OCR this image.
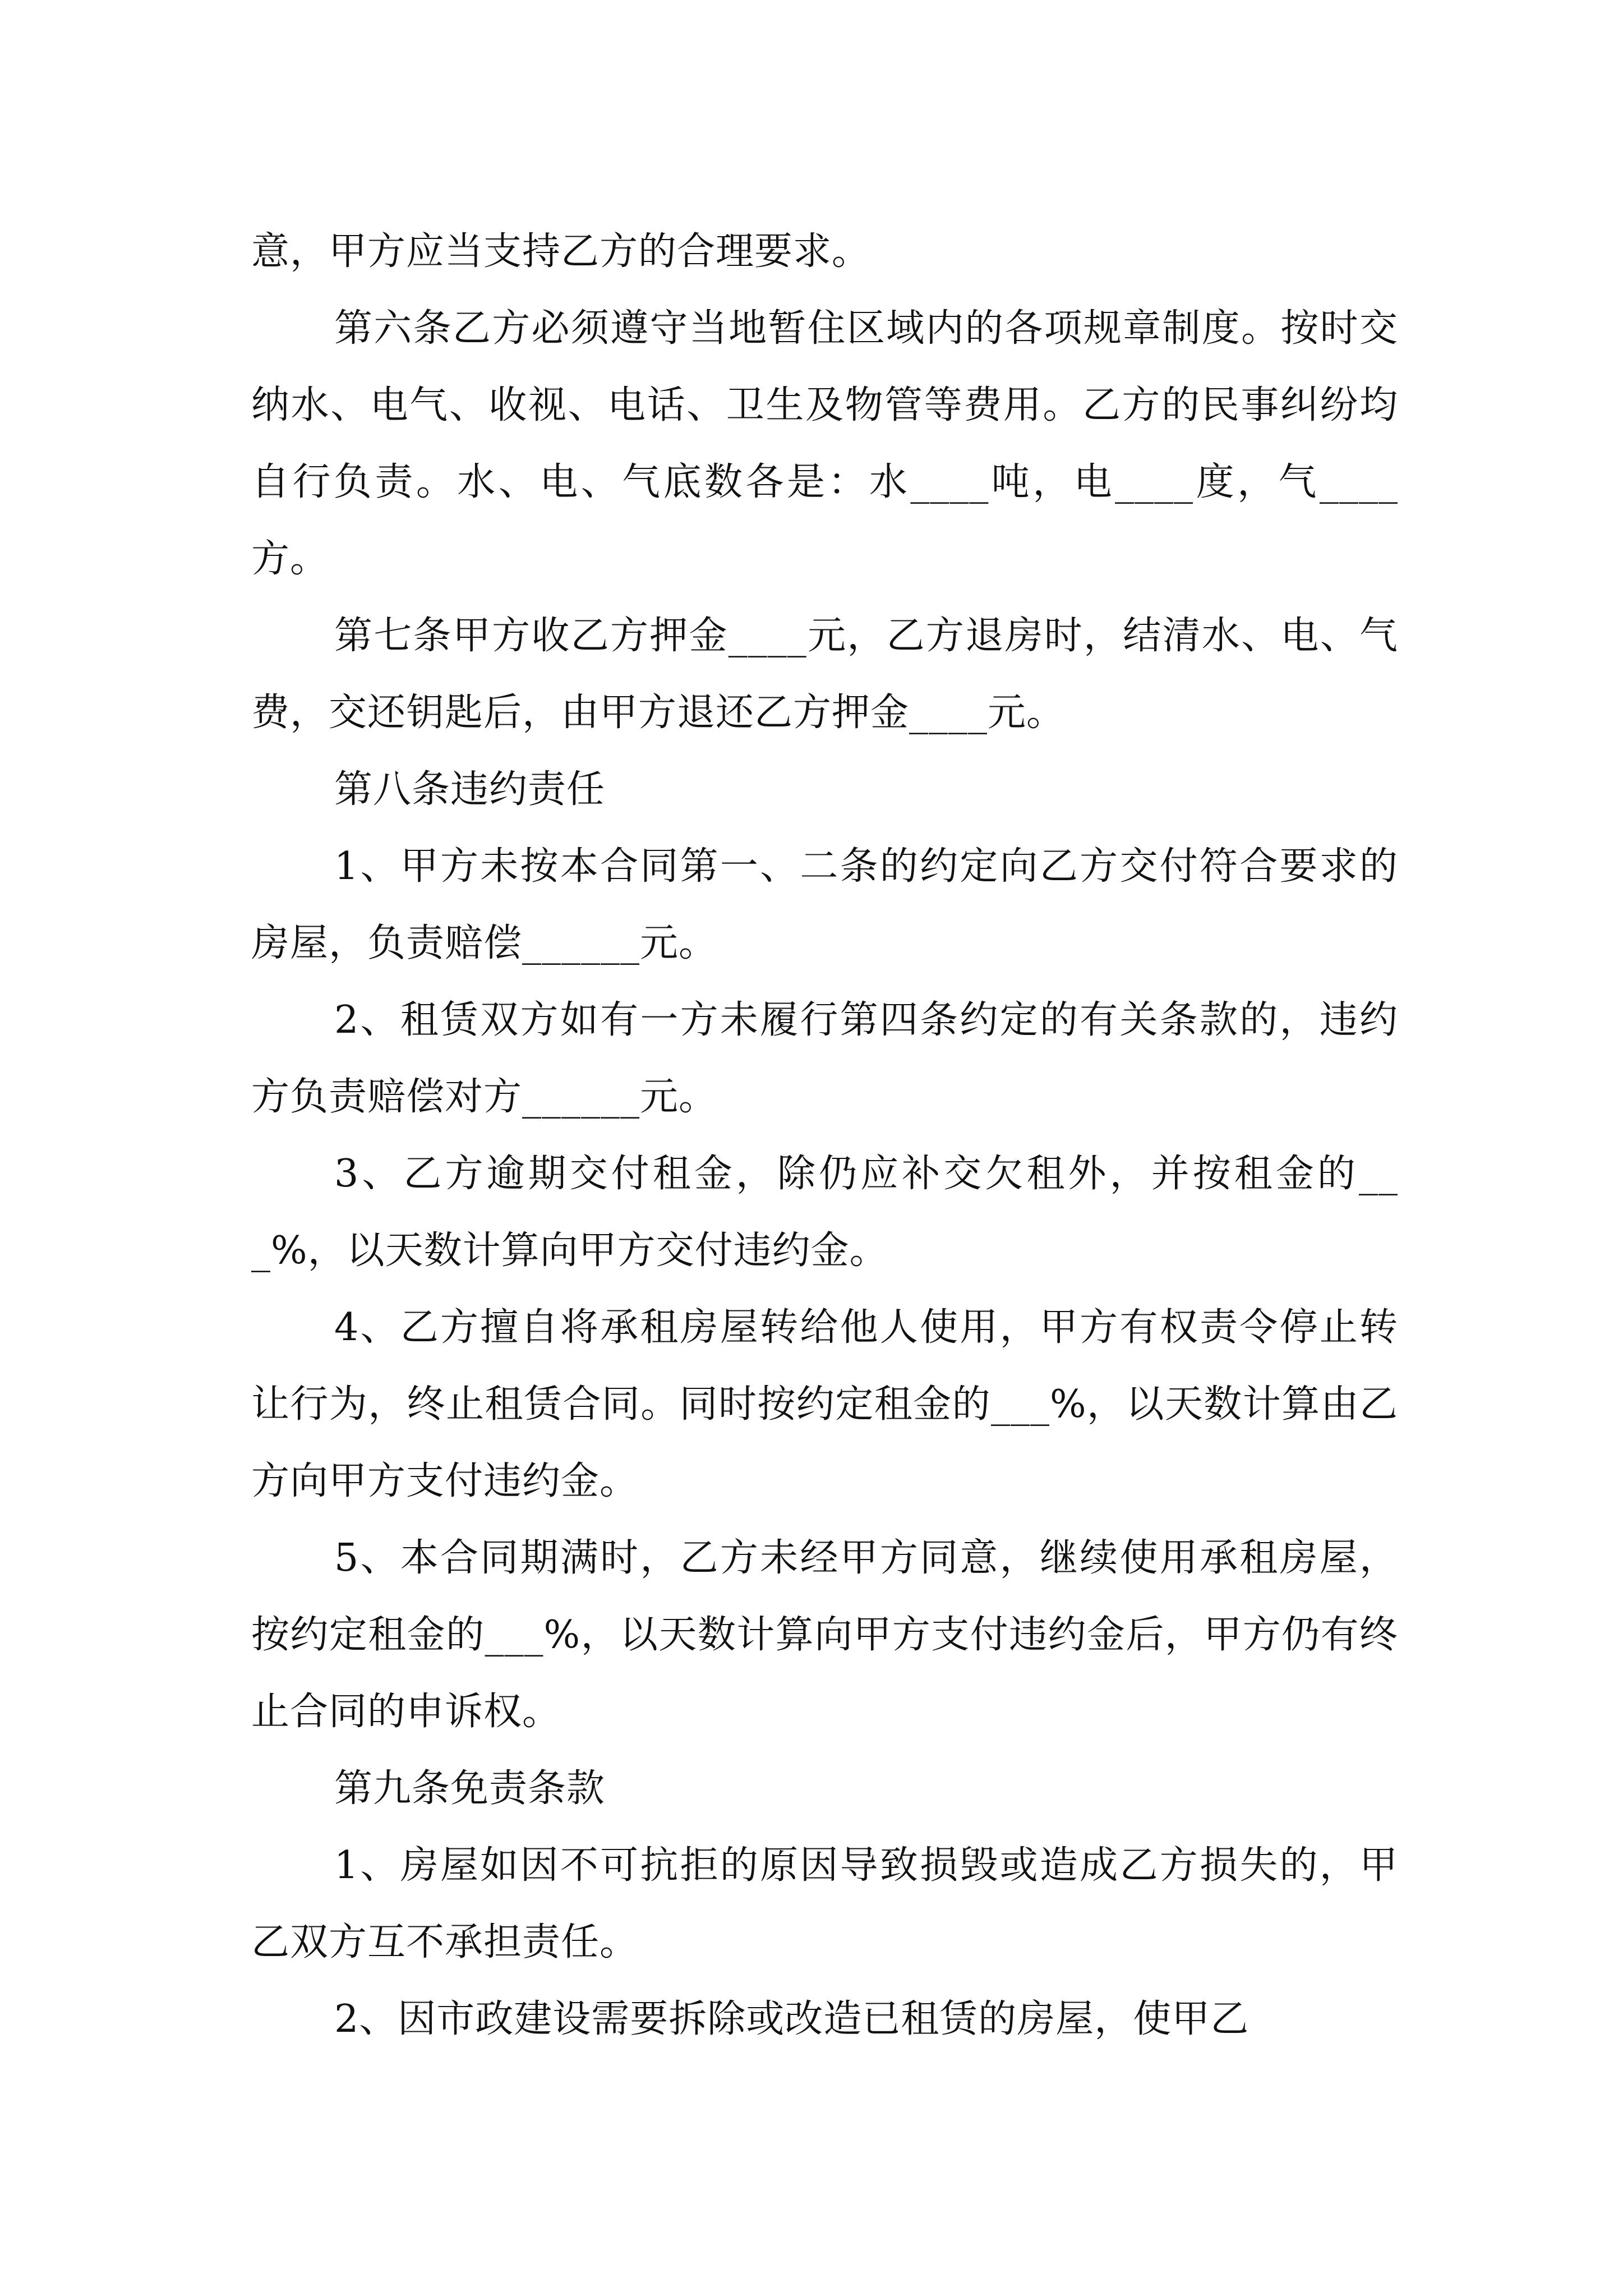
意，甲方应当支持乙方的合理要求。

第六条乙方必须遵守当地暂住区域内的各项规章制度。按时交纳水、电气、收视、电话、卫生及物管等费用。乙方的民事纠纷均自行负责。水、电、气底数各是：水____吨，电____度，气____方。

第七条甲方收乙方押金____元，乙方退房时，结清水、电、气费，交还钥匙后，由甲方退还乙方押金____元。

第八条违约责任

1、甲方未按本合同第一、二条的约定向乙方交付符合要求的房屋，负责赔偿______元。

2、租赁双方如有一方未履行第四条约定的有关条款的，违约方负责赔偿对方______元。

3、乙方逾期交付租金，除仍应补交欠租外，并按租金的___%，以天数计算向甲方交付违约金。

4、乙方擅自将承租房屋转给他人使用，甲方有权责令停止转让行为，终止租赁合同。同时按约定租金的___%，以天数计算由乙方向甲方支付违约金。

5、本合同期满时，乙方未经甲方同意，继续使用承租房屋，按约定租金的___%，以天数计算向甲方支付违约金后，甲方仍有终止合同的申诉权。

第九条免责条款

1、房屋如因不可抗拒的原因导致损毁或造成乙方损失的，甲乙双方互不承担责任。

2、因市政建设需要拆除或改造已租赁的房屋，使甲乙
